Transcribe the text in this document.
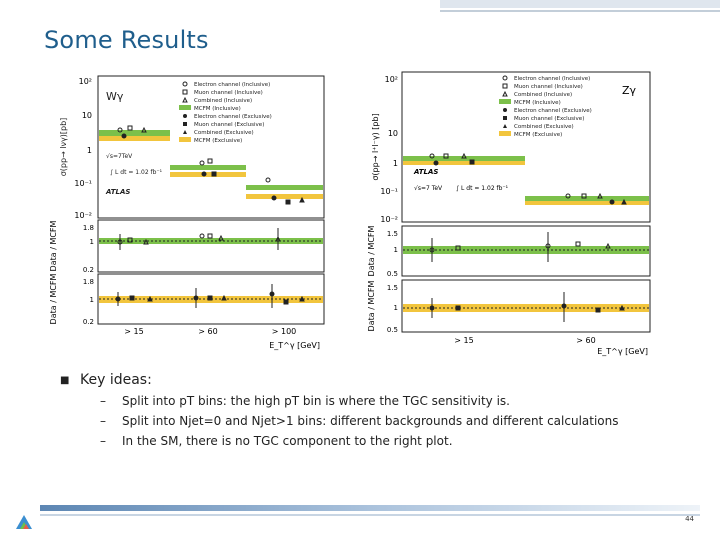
Some Results
σ(pp→ lνγ)[pb]
10²
10
1
10⁻¹
10⁻²
Wγ
Electron channel (Inclusive)
Muon channel (Inclusive)
Combined (Inclusive)
MCFM (Inclusive)
Electron channel (Exclusive)
Muon channel (Exclusive)
Combined (Exclusive)
MCFM (Exclusive)
√s=7TeV
∫ L dt = 1.02 fb⁻¹
ATLAS
Data / MCFM	1.8
1
0.2
Data / MCFM	1.8
1
0.2
> 15	> 60	> 100
E_T^γ [GeV]
σ(pp→ l⁺l⁻γ) [pb]
10²
10
1
10⁻¹
10⁻²
Zγ
Electron channel (Inclusive)
Muon channel (Inclusive)
Combined (Inclusive)
MCFM (Inclusive)
Electron channel (Exclusive)
Muon channel (Exclusive)
Combined (Exclusive)
MCFM (Exclusive)
ATLAS
√s=7 TeV ∫ L dt = 1.02 fb⁻¹
Data / MCFM 1.5
1
0.5
Data / MCFM 1.5
1
0.5
> 15	> 60
E_T^γ [GeV]
■ Key ideas:
–	Split into pT bins: the high pT bin is where the TGC sensitivity is.
–	Split into Njet=0 and Njet>1 bins: different backgrounds and different calculations
–	In the SM, there is no TGC component to the right plot.
44
